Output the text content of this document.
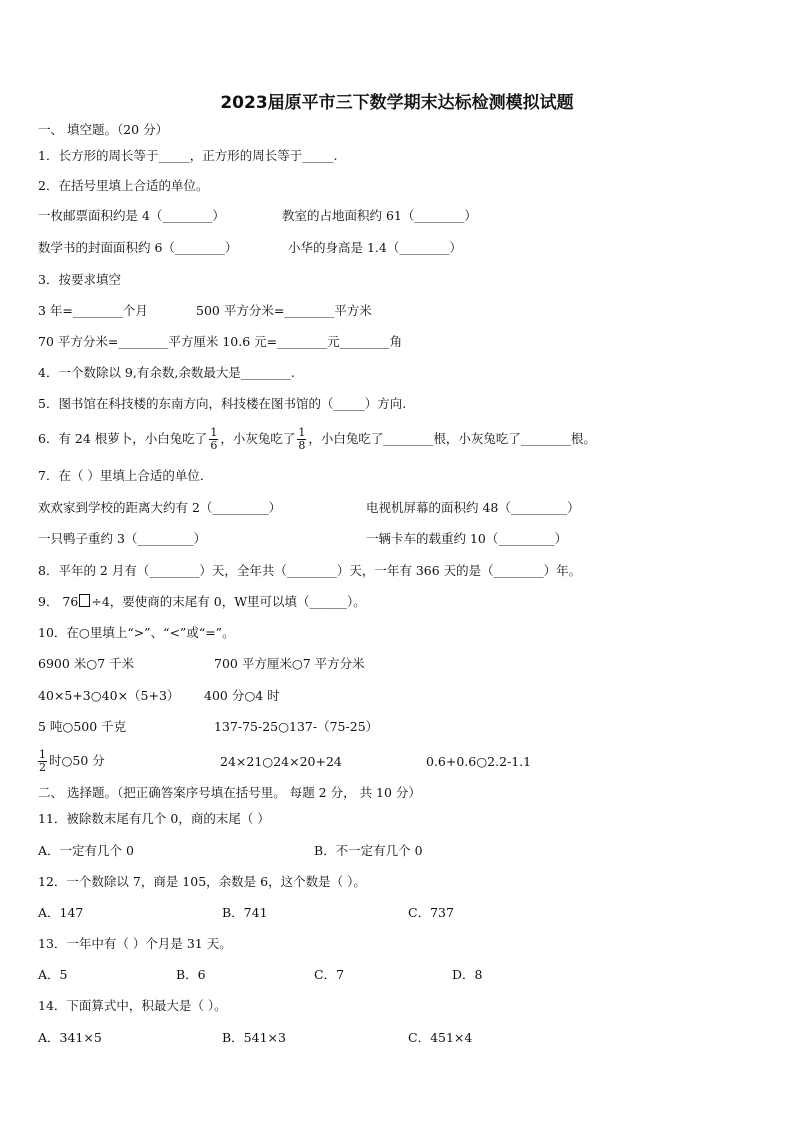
2023届原平市三下数学期末达标检测模拟试题
一、 填空题。（20 分）
1．长方形的周长等于_____，正方形的周长等于_____.
2．在括号里填上合适的单位。
一枚邮票面积约是 4（________）	教室的占地面积约 61（________）
数学书的封面面积约 6（________）	小华的身高是 1.4（________）
3．按要求填空
3 年=________个月	500 平方分米=________平方米
70 平方分米=________平方厘米 10.6 元=________元________角
4．一个数除以 9,有余数,余数最大是________.
5．图书馆在科技楼的东南方向，科技楼在图书馆的（_____）方向.
6．有 24 根萝卜，小白兔吃了 $\frac{1}{6}$ ，小灰兔吃了 $\frac{1}{8}$ ，小白兔吃了________根，小灰兔吃了________根。
7．在（ ）里填上合适的单位．
欢欢家到学校的距离大约有 2（_________）	电视机屏幕的面积约 48（_________）
一只鸭子重约 3（_________）	一辆卡车的载重约 10（_________）
8．平年的 2 月有（________）天，全年共（________）天，一年有 366 天的是（________）年。
9． 76 ÷4，要使商的末尾有 0，W里可以填（______）。
10．在○里填上“>”、“<”或“=”。
6900 米○7 千米	700 平方厘米○7 平方分米
40×5+3○40×（5+3） 400 分○4 时
5 吨○500 千克	137-75-25○137-（75-25）
$\frac{1}{2}$ 时○50 分	24×21○24×20+24	0.6+0.6○2.2-1.1
二、 选择题。（把正确答案序号填在括号里。 每题 2 分， 共 10 分）
11．被除数末尾有几个 0，商的末尾（ ）
A．一定有几个 0	B．不一定有几个 0
12．一个数除以 7，商是 105，余数是 6，这个数是（ ）。
A．147	B．741	C．737
13．一年中有（ ）个月是 31 天。
A．5	B．6	C．7	D．8
14．下面算式中，积最大是（ ）。
A．341×5	B．541×3	C．451×4
